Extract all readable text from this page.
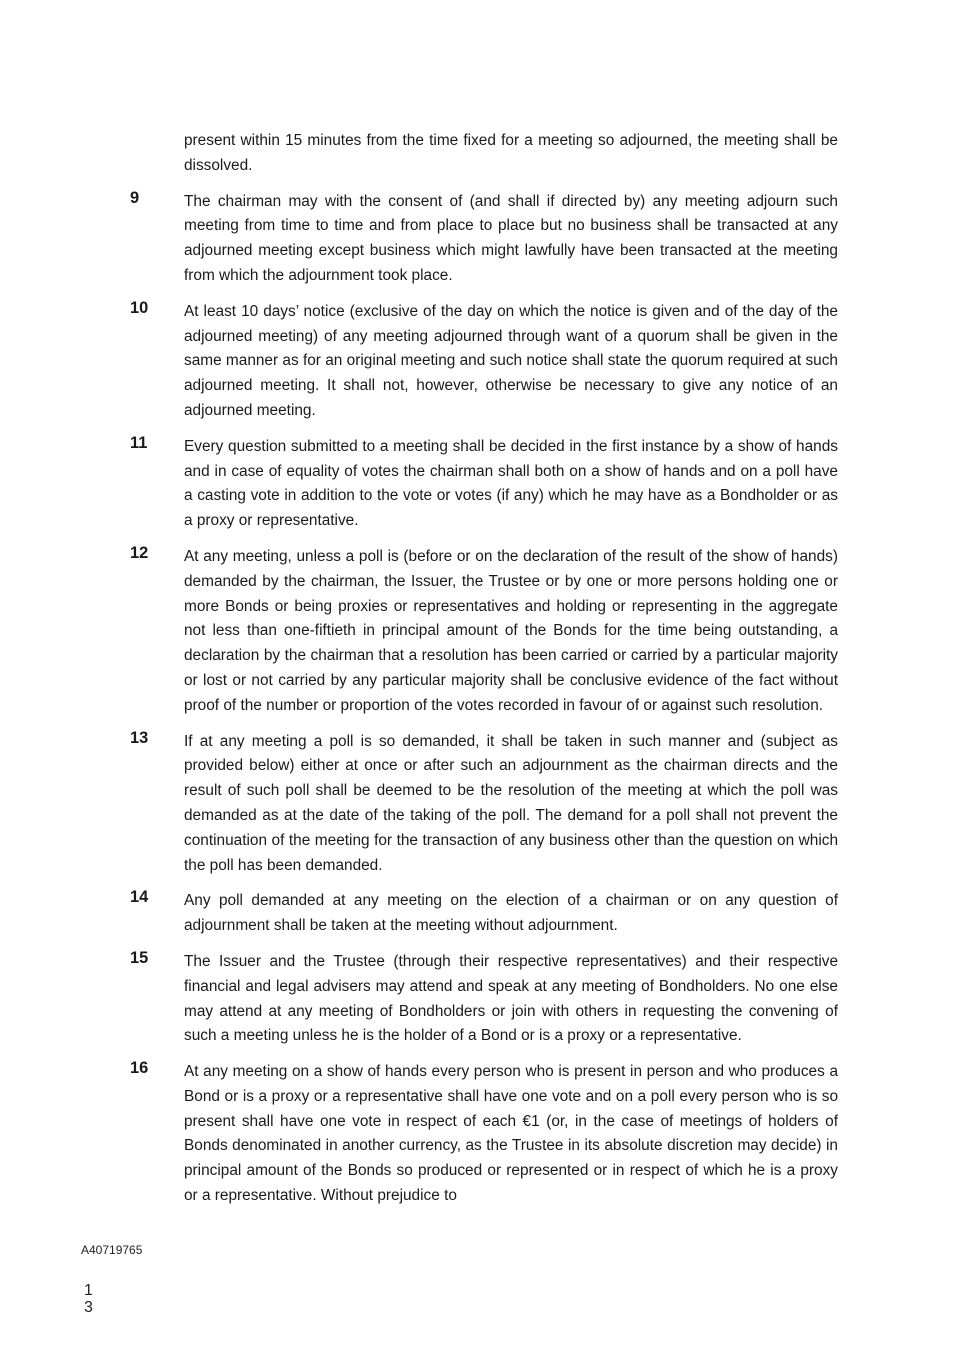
present within 15 minutes from the time fixed for a meeting so adjourned, the meeting shall be dissolved.

9	The chairman may with the consent of (and shall if directed by) any meeting adjourn such meeting from time to time and from place to place but no business shall be transacted at any adjourned meeting except business which might lawfully have been transacted at the meeting from which the adjournment took place.
10	At least 10 days’ notice (exclusive of the day on which the notice is given and of the day of the adjourned meeting) of any meeting adjourned through want of a quorum shall be given in the same manner as for an original meeting and such notice shall state the quorum required at such adjourned meeting. It shall not, however, otherwise be necessary to give any notice of an adjourned meeting.
11	Every question submitted to a meeting shall be decided in the first instance by a show of hands and in case of equality of votes the chairman shall both on a show of hands and on a poll have a casting vote in addition to the vote or votes (if any) which he may have as a Bondholder or as a proxy or representative.
12	At any meeting, unless a poll is (before or on the declaration of the result of the show of hands) demanded by the chairman, the Issuer, the Trustee or by one or more persons holding one or more Bonds or being proxies or representatives and holding or representing in the aggregate not less than one-fiftieth in principal amount of the Bonds for the time being outstanding, a declaration by the chairman that a resolution has been carried or carried by a particular majority or lost or not carried by any particular majority shall be conclusive evidence of the fact without proof of the number or proportion of the votes recorded in favour of or against such resolution.
13	If at any meeting a poll is so demanded, it shall be taken in such manner and (subject as provided below) either at once or after such an adjournment as the chairman directs and the result of such poll shall be deemed to be the resolution of the meeting at which the poll was demanded as at the date of the taking of the poll. The demand for a poll shall not prevent the continuation of the meeting for the transaction of any business other than the question on which the poll has been demanded.
14	Any poll demanded at any meeting on the election of a chairman or on any question of adjournment shall be taken at the meeting without adjournment.
15	The Issuer and the Trustee (through their respective representatives) and their respective financial and legal advisers may attend and speak at any meeting of Bondholders. No one else may attend at any meeting of Bondholders or join with others in requesting the convening of such a meeting unless he is the holder of a Bond or is a proxy or a representative.
16	At any meeting on a show of hands every person who is present in person and who produces a Bond or is a proxy or a representative shall have one vote and on a poll every person who is so present shall have one vote in respect of each €1 (or, in the case of meetings of holders of Bonds denominated in another currency, as the Trustee in its absolute discretion may decide) in principal amount of the Bonds so produced or represented or in respect of which he is a proxy or a representative. Without prejudice to
A40719765
1
3
